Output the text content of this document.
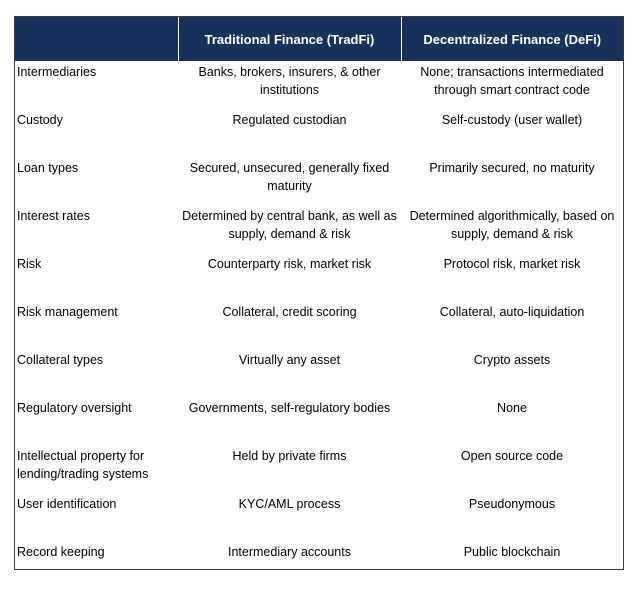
	Traditional Finance (TradFi)	Decentralized Finance (DeFi)
Intermediaries	Banks, brokers, insurers, & other institutions	None; transactions intermediated through smart contract code
Custody	Regulated custodian	Self-custody (user wallet)
Loan types	Secured, unsecured, generally fixed maturity	Primarily secured, no maturity
Interest rates	Determined by central bank, as well as supply, demand & risk	Determined algorithmically, based on supply, demand & risk
Risk	Counterparty risk, market risk	Protocol risk, market risk
Risk management	Collateral, credit scoring	Collateral, auto-liquidation
Collateral types	Virtually any asset	Crypto assets
Regulatory oversight	Governments, self-regulatory bodies	None
Intellectual property for lending/trading systems	Held by private firms	Open source code
User identification	KYC/AML process	Pseudonymous
Record keeping	Intermediary accounts	Public blockchain
